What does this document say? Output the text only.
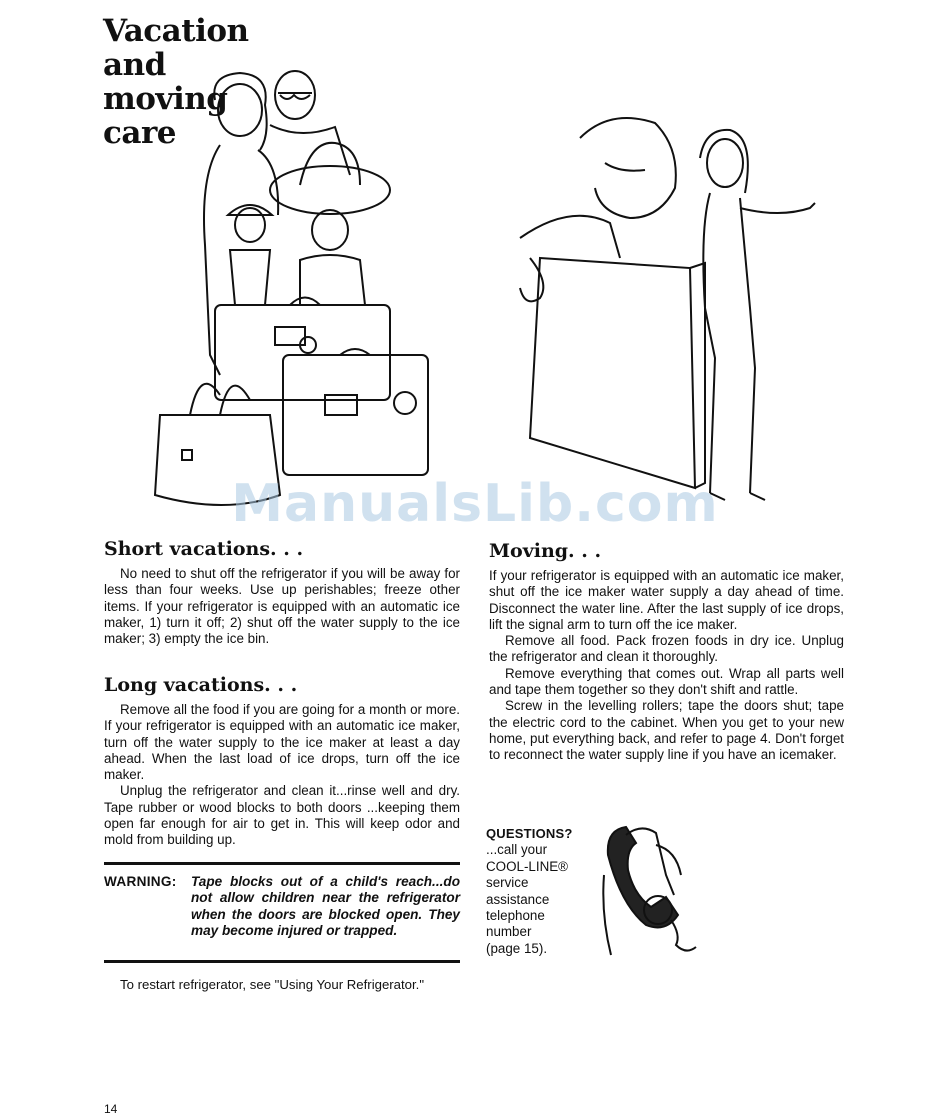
Vacation
and
moving
care
ManualsLib.com
Short vacations. . .

No need to shut off the refrigerator if you will be away for less than four weeks. Use up perishables; freeze other items. If your refrigerator is equipped with an automatic ice maker, 1) turn it off; 2) shut off the water supply to the ice maker; 3) empty the ice bin.

Long vacations. . .

Remove all the food if you are going for a month or more. If your refrigerator is equipped with an automatic ice maker, turn off the water supply to the ice maker at least a day ahead. When the last load of ice drops, turn off the ice maker.

Unplug the refrigerator and clean it...rinse well and dry. Tape rubber or wood blocks to both doors ...keeping them open far enough for air to get in. This will keep odor and mold from building up.

WARNING: Tape blocks out of a child's reach...do not allow children near the refrigerator when the doors are blocked open. They may become injured or trapped.
To restart refrigerator, see "Using Your Refrigerator."
Moving. . .

If your refrigerator is equipped with an automatic ice maker, shut off the ice maker water supply a day ahead of time. Disconnect the water line. After the last supply of ice drops, lift the signal arm to turn off the ice maker.

Remove all food. Pack frozen foods in dry ice. Unplug the refrigerator and clean it thoroughly.

Remove everything that comes out. Wrap all parts well and tape them together so they don't shift and rattle.

Screw in the levelling rollers; tape the doors shut; tape the electric cord to the cabinet. When you get to your new home, put everything back, and refer to page 4. Don't forget to reconnect the water supply line if you have an icemaker.

QUESTIONS?
...call your
COOL-LINE®
service
assistance
telephone
number
(page 15).
14
